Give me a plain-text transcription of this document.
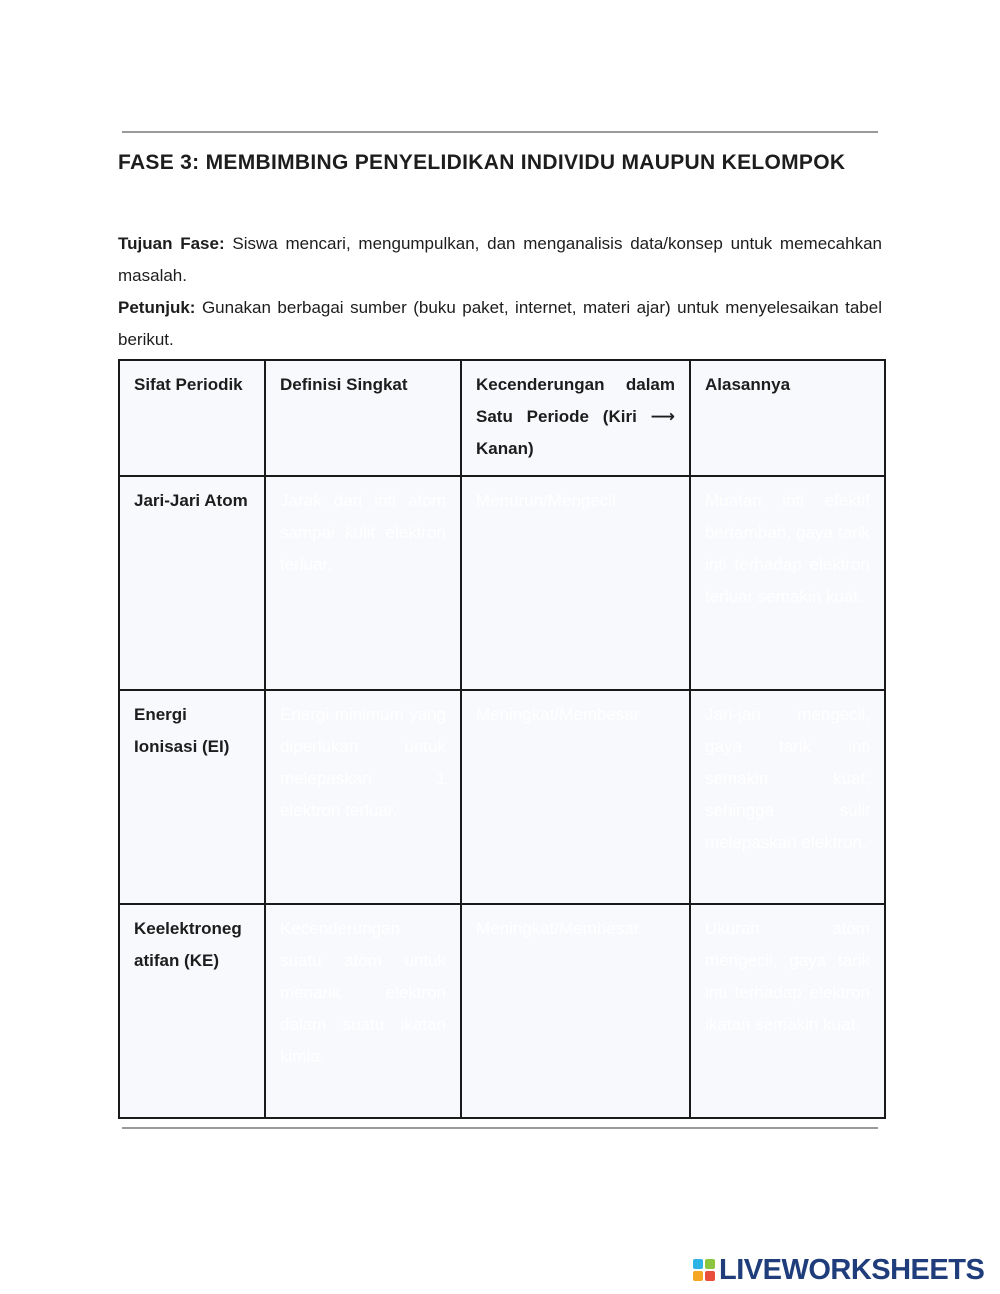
FASE 3: MEMBIMBING PENYELIDIKAN INDIVIDU MAUPUN KELOMPOK

Tujuan Fase: Siswa mencari, mengumpulkan, dan menganalisis data/konsep untuk memecahkan masalah.

Petunjuk: Gunakan berbagai sumber (buku paket, internet, materi ajar) untuk menyelesaikan tabel berikut.

Sifat Periodik	Definisi Singkat	Kecenderungan dalam Satu Periode (Kiri ⟶ Kanan)	Alasannya
Jari-Jari Atom	Jarak dari inti atom sampai kulit elektron terluar.	Menurun/Mengecil	Muatan inti efektif bertambah, gaya tarik inti terhadap elektron terluar semakin kuat.

Energi Ionisasi (EI)	Energi minimum yang diperlukan untuk melepaskan 1 elektron terluar.	Meningkat/Membesar	Jari-jari mengecil, gaya tarik inti semakin kuat, sehingga sulit melepaskan elektron.

Keelektronegatifan (KE)	Kecenderungan suatu atom untuk menarik elektron dalam suatu ikatan kimia.	Meningkat/Membesar	Ukuran atom mengecil, gaya tarik inti terhadap elektron ikatan semakin kuat.
LIVEWORKSHEETS
